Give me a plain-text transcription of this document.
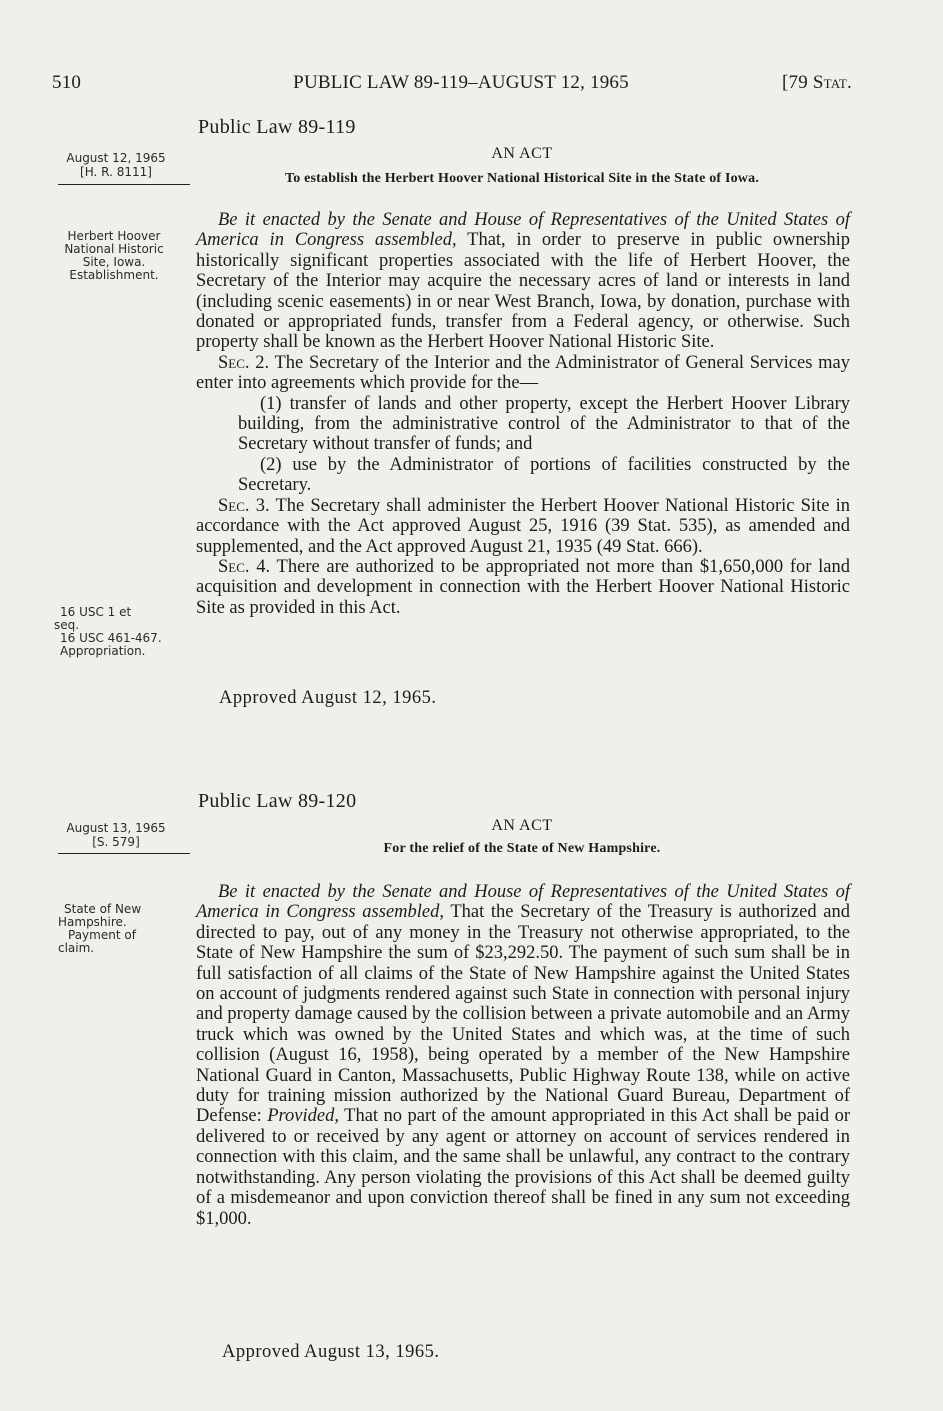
510	PUBLIC LAW 89-119–AUGUST 12, 1965	[79 Stat.
Public Law 89-119
August 12, 1965
[H. R. 8111]
AN ACT
To establish the Herbert Hoover National Historical Site in the State of Iowa.
Herbert Hoover
National Historic
Site, Iowa.
Establishment.

Be it enacted by the Senate and House of Representatives of the United States of America in Congress assembled, That, in order to preserve in public ownership historically significant properties associated with the life of Herbert Hoover, the Secretary of the Interior may acquire the necessary acres of land or interests in land (including scenic easements) in or near West Branch, Iowa, by donation, purchase with donated or appropriated funds, transfer from a Federal agency, or otherwise. Such property shall be known as the Herbert Hoover National Historic Site.

Sec. 2. The Secretary of the Interior and the Administrator of General Services may enter into agreements which provide for the—

(1) transfer of lands and other property, except the Herbert Hoover Library building, from the administrative control of the Administrator to that of the Secretary without transfer of funds; and

(2) use by the Administrator of portions of facilities constructed by the Secretary.

Sec. 3. The Secretary shall administer the Herbert Hoover National Historic Site in accordance with the Act approved August 25, 1916 (39 Stat. 535), as amended and supplemented, and the Act approved August 21, 1935 (49 Stat. 666).

Sec. 4. There are authorized to be appropriated not more than $1,650,000 for land acquisition and development in connection with the Herbert Hoover National Historic Site as provided in this Act.

16 USC 1 et
seq.
16 USC 461-467.
Appropriation.
Approved August 12, 1965.
Public Law 89-120
August 13, 1965
[S. 579]
AN ACT
For the relief of the State of New Hampshire.
State of New
Hampshire.
Payment of
claim.

Be it enacted by the Senate and House of Representatives of the United States of America in Congress assembled, That the Secretary of the Treasury is authorized and directed to pay, out of any money in the Treasury not otherwise appropriated, to the State of New Hampshire the sum of $23,292.50. The payment of such sum shall be in full satisfaction of all claims of the State of New Hampshire against the United States on account of judgments rendered against such State in connection with personal injury and property damage caused by the collision between a private automobile and an Army truck which was owned by the United States and which was, at the time of such collision (August 16, 1958), being operated by a member of the New Hampshire National Guard in Canton, Massachusetts, Public Highway Route 138, while on active duty for training mission authorized by the National Guard Bureau, Department of Defense: Provided, That no part of the amount appropriated in this Act shall be paid or delivered to or received by any agent or attorney on account of services rendered in connection with this claim, and the same shall be unlawful, any contract to the contrary notwithstanding. Any person violating the provisions of this Act shall be deemed guilty of a misdemeanor and upon conviction thereof shall be fined in any sum not exceeding $1,000.

Approved August 13, 1965.
